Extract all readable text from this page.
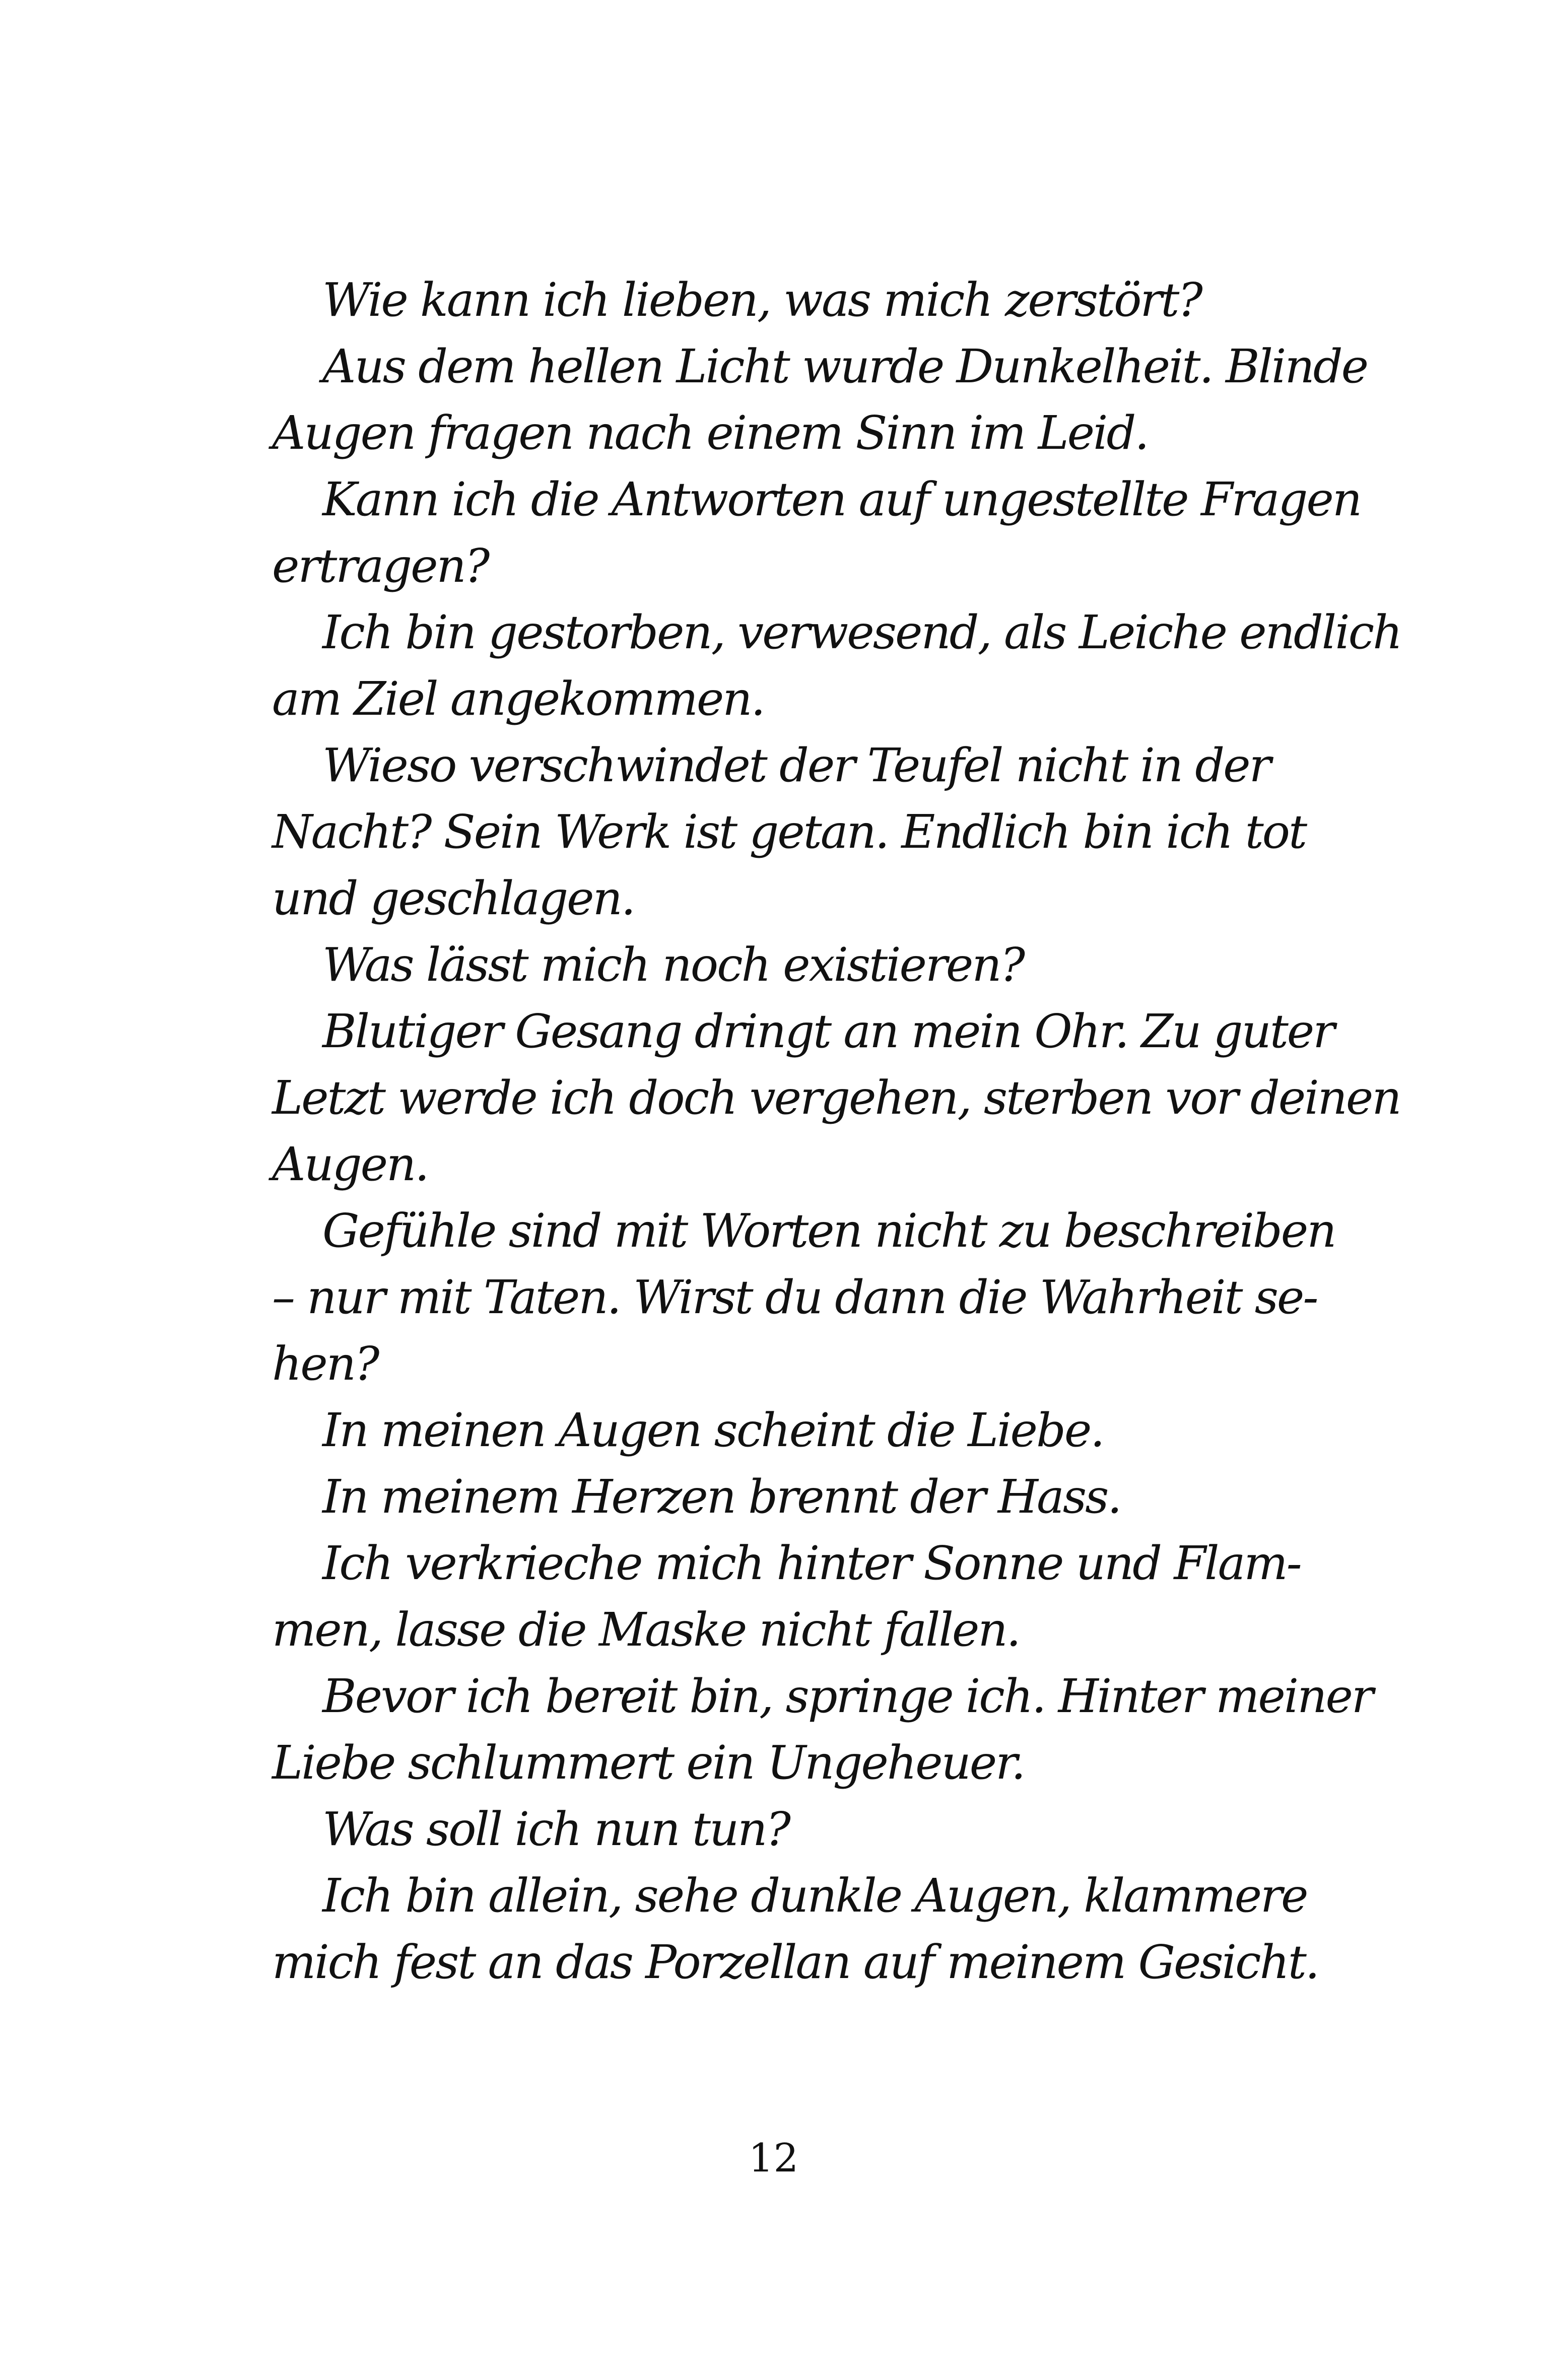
Wie kann ich lieben, was mich zerstört?
Aus dem hellen Licht wurde Dunkelheit. Blinde
Augen fragen nach einem Sinn im Leid.
Kann ich die Antworten auf ungestellte Fragen
ertragen?
Ich bin gestorben, verwesend, als Leiche endlich
am Ziel angekommen.
Wieso verschwindet der Teufel nicht in der
Nacht? Sein Werk ist getan. Endlich bin ich tot
und geschlagen.
Was lässt mich noch existieren?
Blutiger Gesang dringt an mein Ohr. Zu guter
Letzt werde ich doch vergehen, sterben vor deinen
Augen.
Gefühle sind mit Worten nicht zu beschreiben
– nur mit Taten. Wirst du dann die Wahrheit se-
hen?
In meinen Augen scheint die Liebe.
In meinem Herzen brennt der Hass.
Ich verkrieche mich hinter Sonne und Flam-
men, lasse die Maske nicht fallen.
Bevor ich bereit bin, springe ich. Hinter meiner
Liebe schlummert ein Ungeheuer.
Was soll ich nun tun?
Ich bin allein, sehe dunkle Augen, klammere
mich fest an das Porzellan auf meinem Gesicht.
12
